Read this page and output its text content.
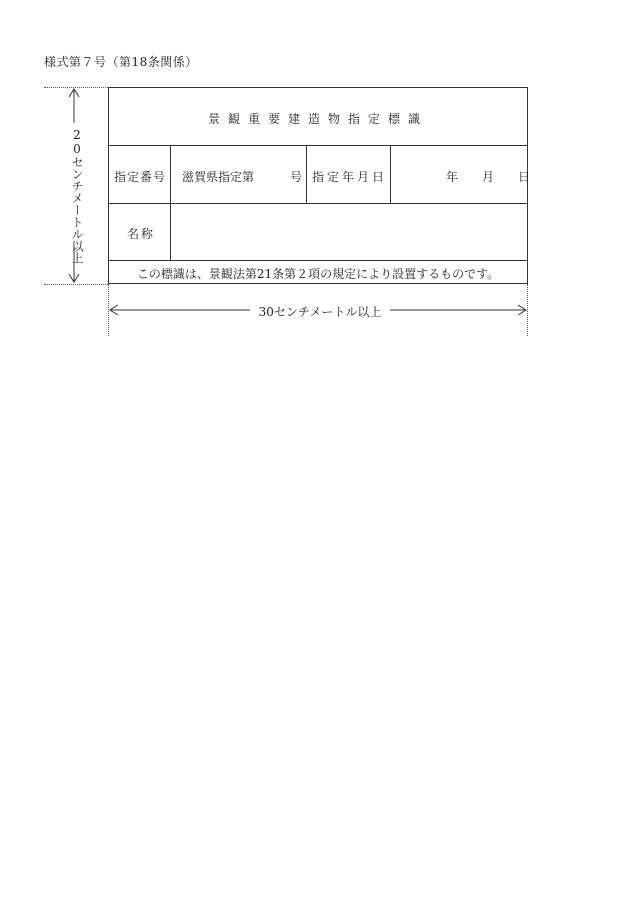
様式第７号（第18条関係）
20センチメートル以上
30センチメートル以上
景観重要建造物指定標識
指定番号 滋賀県指定第　　　号 指定年月日	年　　月　　日
名称
この標識は、景観法第21条第２項の規定により設置するものです。
